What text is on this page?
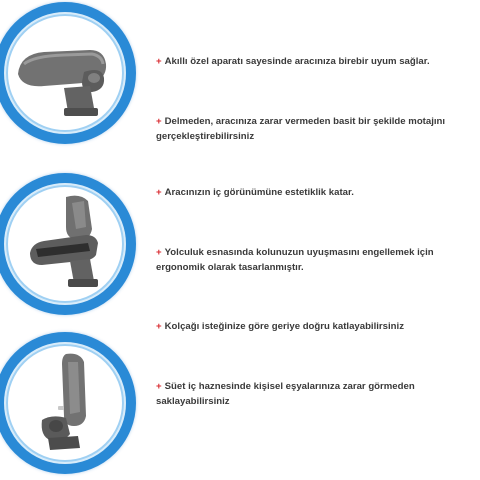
+ Akıllı özel aparatı sayesinde aracınıza birebir uyum sağlar.
+ Delmeden, aracınıza zarar vermeden basit bir şekilde motajını gerçekleştirebilirsiniz
+ Aracınızın iç görünümüne estetiklik katar.
+ Yolculuk esnasında kolunuzun uyuşmasını engellemek için ergonomik olarak tasarlanmıştır.
+ Kolçağı isteğinize göre geriye doğru katlayabilirsiniz
+ Süet iç haznesinde kişisel eşyalarınıza zarar görmeden saklayabilirsiniz
